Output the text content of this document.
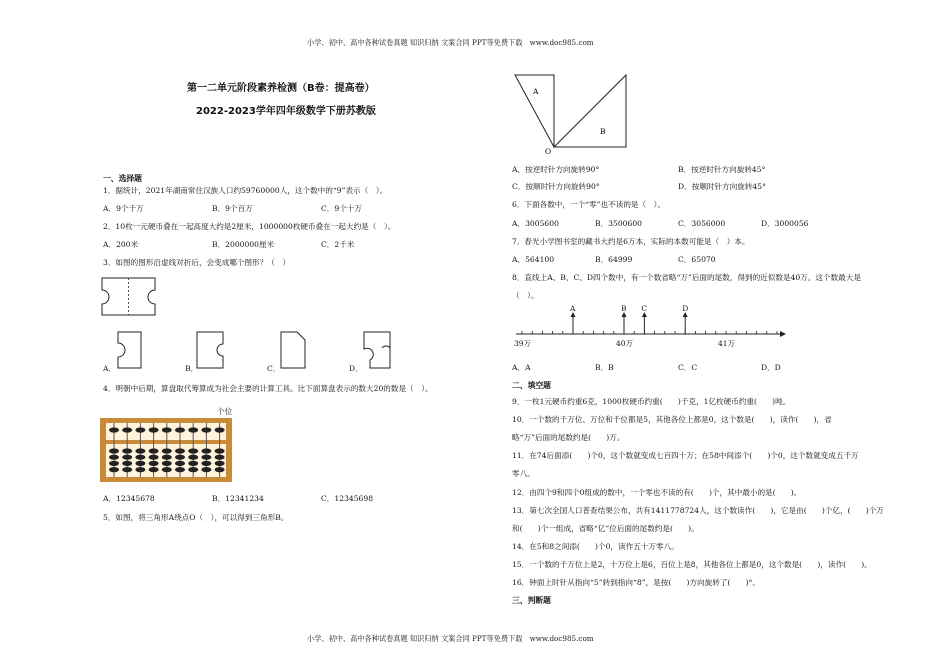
小学、初中、高中各种试卷真题 知识归纳 文案合同 PPT等免费下载　www.doc985.com
小学、初中、高中各种试卷真题 知识归纳 文案合同 PPT等免费下载　www.doc985.com
第一二单元阶段素养检测（B卷：提高卷）
2022-2023学年四年级数学下册苏教版
一、选择题
1．据统计，2021年湖南常住汉族人口约59760000人，这个数中的“9”表示（　）。
A．9个千万	B．9个百万	C．9个十万
2．10枚一元硬币叠在一起高度大约是2厘米，1000000枚硬币叠在一起大约是（　）。
A．200米	B．2000000厘米	C．2千米
3．如图的图形沿虚线对折后，会变成哪个图形？（　）
A．	B．	C．	D．
4．明朝中后期，算盘取代筹算成为社会主要的计算工具。比下面算盘表示的数大20的数是（　）。
个位
A．12345678	B．12341234	C．12345698
5．如图，将三角形A绕点O（　），可以得到三角形B。
A
B
O
A．按逆时针方向旋转90°	B．按逆时针方向旋转45°
C．按顺时针方向旋转90°	D．按顺时针方向旋转45°
6．下面各数中，一个“零”也不读的是（　）。
A．3005600	B．3500600	C．3056000	D．3000056
7．春光小学图书室的藏书大约是6万本，实际的本数可能是（　）本。
A．564100	B．64999	C．65070
8．直线上A、B、C、D四个数中，有一个数省略“万”后面的尾数，得到的近似数是40万。这个数最大是
（　）。
39万	40万	41万
A	B C	D
A．A	B．B	C．C	D．D
二、填空题
9．一枚1元硬币约重6克，1000枚硬币约重(　　)千克，1亿枚硬币约重(　　)吨。
10．一个数的千万位、万位和千位都是5，其他各位上都是0，这个数是(　　)，读作(　　)，省
略“万”后面的尾数约是(　　)万。
11．在74后面添(　　)个0，这个数就变成七百四十万；在58中间添个(　　)个0，这个数就变成五千万
零八。
12．由四个9和四个0组成的数中，一个零也不读的有(　　)个，其中最小的是(　　)。
13．第七次全国人口普查结果公布，共有1411778724人，这个数读作(　　)，它是由(　　)个亿，(　　)个万
和(　　)个一组成，省略“亿”位后面的尾数约是(　　)。
14．在5和8之间添(　　)个0，读作五十万零八。
15．一个数的千万位上是2，十万位上是6，百位上是8，其他各位上都是0，这个数是(　　)，读作(　　)。
16．钟面上时针从指向“5”转到指向“8”，是按(　　)方向旋转了(　　)°。
三、判断题
